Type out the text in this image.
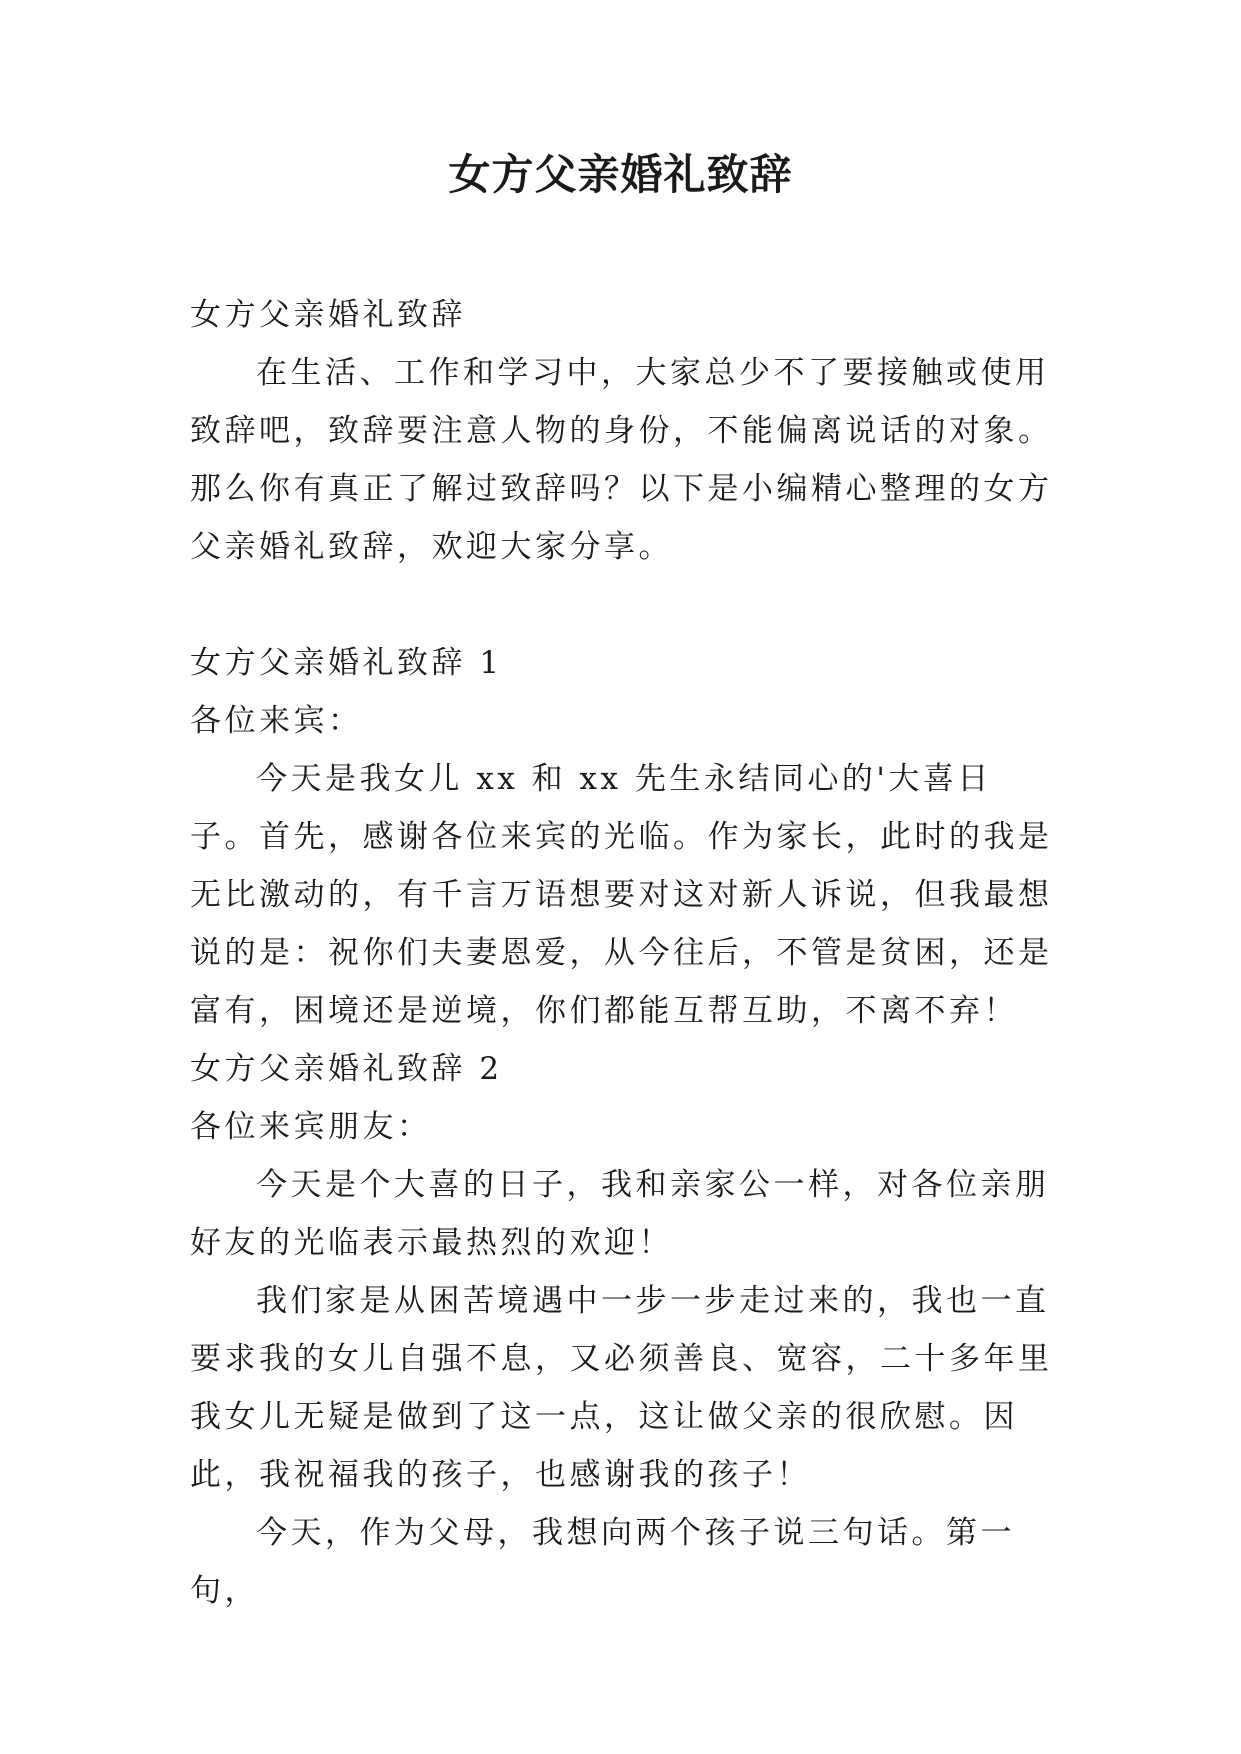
女方父亲婚礼致辞

女方父亲婚礼致辞

在生活、工作和学习中，大家总少不了要接触或使用致辞吧，致辞要注意人物的身份，不能偏离说话的对象。那么你有真正了解过致辞吗？以下是小编精心整理的女方父亲婚礼致辞，欢迎大家分享。

女方父亲婚礼致辞 1

各位来宾：

今天是我女儿 xx 和 xx 先生永结同心的'大喜日子。首先，感谢各位来宾的光临。作为家长，此时的我是无比激动的，有千言万语想要对这对新人诉说，但我最想说的是：祝你们夫妻恩爱，从今往后，不管是贫困，还是富有，困境还是逆境，你们都能互帮互助，不离不弃！

女方父亲婚礼致辞 2

各位来宾朋友：

今天是个大喜的日子，我和亲家公一样，对各位亲朋好友的光临表示最热烈的欢迎！

我们家是从困苦境遇中一步一步走过来的，我也一直要求我的女儿自强不息，又必须善良、宽容，二十多年里我女儿无疑是做到了这一点，这让做父亲的很欣慰。因此，我祝福我的孩子，也感谢我的孩子！

今天，作为父母，我想向两个孩子说三句话。第一句，
